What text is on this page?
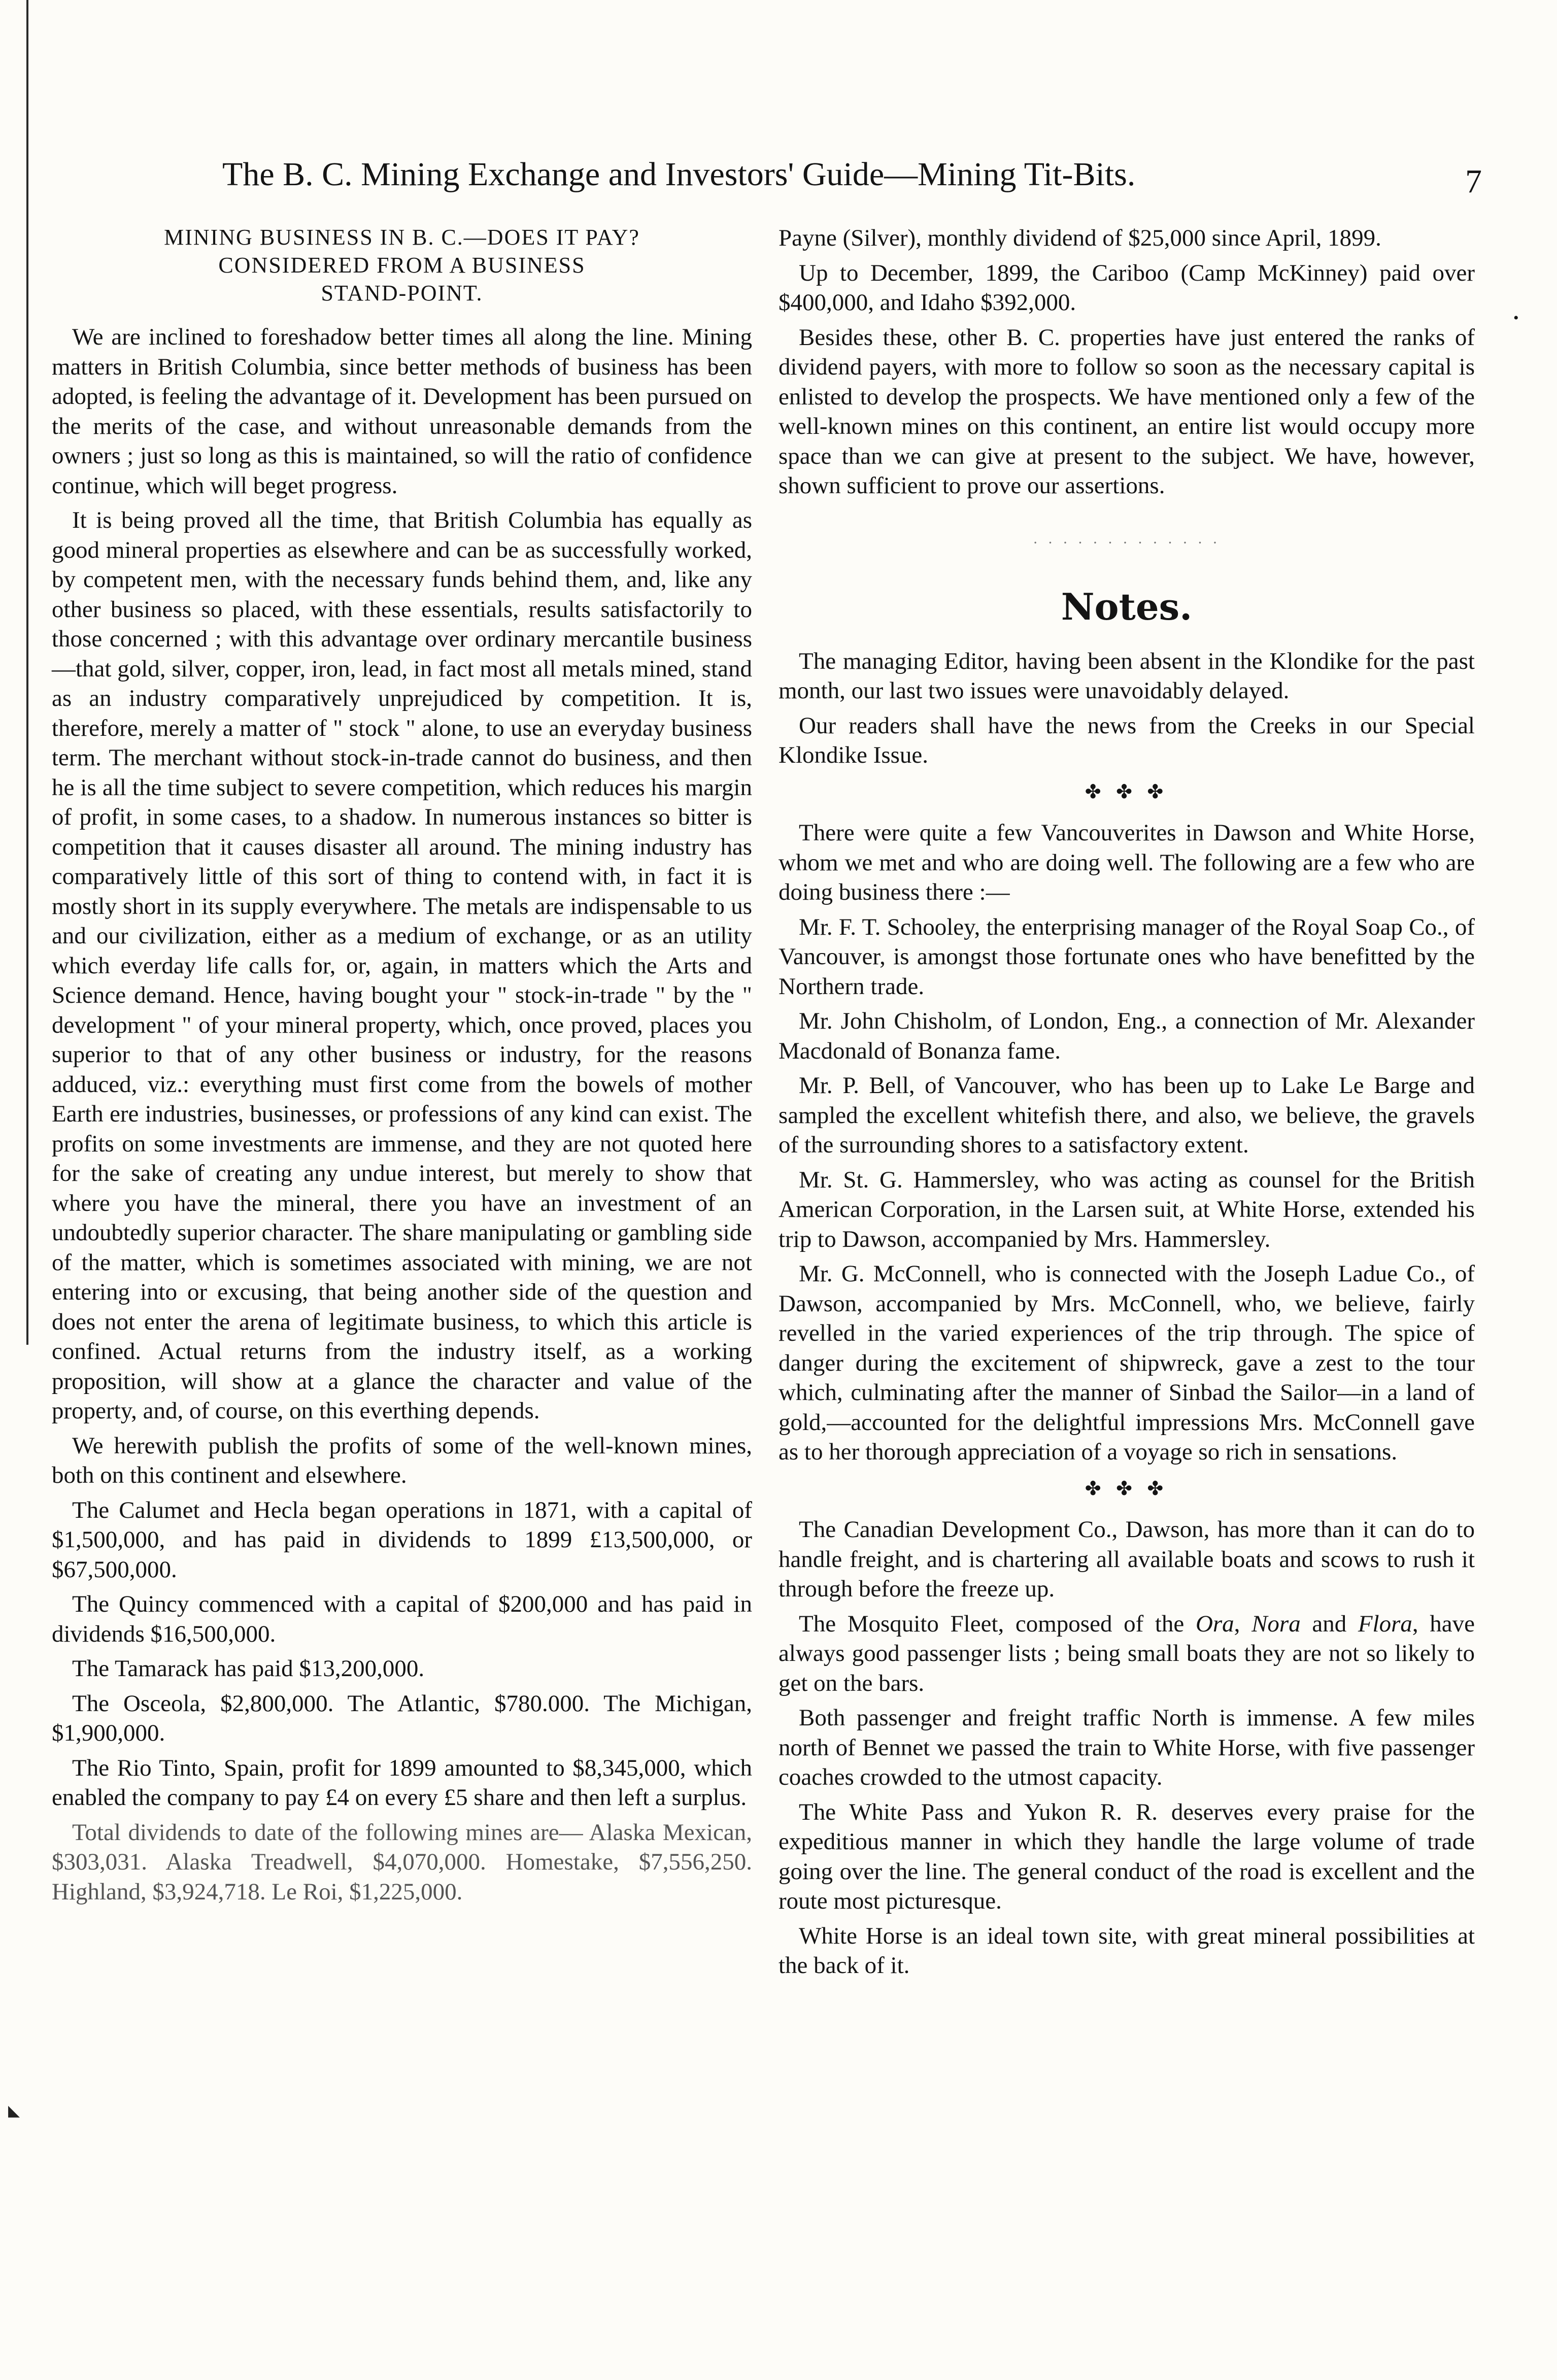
•
The B. C. Mining Exchange and Investors' Guide—Mining Tit-Bits.	7
MINING BUSINESS IN B. C.—DOES IT PAY?
CONSIDERED FROM A BUSINESS
STAND-POINT.

We are inclined to foreshadow better times all along the line. Mining matters in British Columbia, since better methods of business has been adopted, is feeling the advantage of it. Development has been pursued on the merits of the case, and without unreasonable demands from the owners ; just so long as this is maintained, so will the ratio of confidence continue, which will beget progress.

It is being proved all the time, that British Columbia has equally as good mineral properties as elsewhere and can be as successfully worked, by competent men, with the necessary funds behind them, and, like any other business so placed, with these essentials, results satisfactorily to those concerned ; with this advantage over ordinary mercantile business—that gold, silver, copper, iron, lead, in fact most all metals mined, stand as an industry comparatively unprejudiced by competition. It is, therefore, merely a matter of " stock " alone, to use an everyday business term. The merchant without stock-in-trade cannot do business, and then he is all the time subject to severe competition, which reduces his margin of profit, in some cases, to a shadow. In numerous instances so bitter is competition that it causes disaster all around. The mining industry has comparatively little of this sort of thing to contend with, in fact it is mostly short in its supply everywhere. The metals are indispensable to us and our civilization, either as a medium of exchange, or as an utility which everday life calls for, or, again, in matters which the Arts and Science demand. Hence, having bought your " stock-in-trade " by the " development " of your mineral property, which, once proved, places you superior to that of any other business or industry, for the reasons adduced, viz.: everything must first come from the bowels of mother Earth ere industries, businesses, or professions of any kind can exist. The profits on some investments are immense, and they are not quoted here for the sake of creating any undue interest, but merely to show that where you have the mineral, there you have an investment of an undoubtedly superior character. The share manipulating or gambling side of the matter, which is sometimes associated with mining, we are not entering into or excusing, that being another side of the question and does not enter the arena of legitimate business, to which this article is confined. Actual returns from the industry itself, as a working proposition, will show at a glance the character and value of the property, and, of course, on this everthing depends.

We herewith publish the profits of some of the well-known mines, both on this continent and elsewhere.

The Calumet and Hecla began operations in 1871, with a capital of $1,500,000, and has paid in dividends to 1899 £13,500,000, or $67,500,000.

The Quincy commenced with a capital of $200,000 and has paid in dividends $16,500,000.

The Tamarack has paid $13,200,000.

The Osceola, $2,800,000. The Atlantic, $780.000. The Michigan, $1,900,000.

The Rio Tinto, Spain, profit for 1899 amounted to $8,345,000, which enabled the company to pay £4 on every £5 share and then left a surplus.

Total dividends to date of the following mines are— Alaska Mexican, $303,031. Alaska Treadwell, $4,070,000. Homestake, $7,556,250. Highland, $3,924,718. Le Roi, $1,225,000.

Payne (Silver), monthly dividend of $25,000 since April, 1899.

Up to December, 1899, the Cariboo (Camp McKinney) paid over $400,000, and Idaho $392,000.

Besides these, other B. C. properties have just entered the ranks of dividend payers, with more to follow so soon as the necessary capital is enlisted to develop the prospects. We have mentioned only a few of the well-known mines on this continent, an entire list would occupy more space than we can give at present to the subject. We have, however, shown sufficient to prove our assertions.

· · · · · · · · · · · · ·
Notes.

The managing Editor, having been absent in the Klondike for the past month, our last two issues were unavoidably delayed.

Our readers shall have the news from the Creeks in our Special Klondike Issue.

✤ ✤ ✤

There were quite a few Vancouverites in Dawson and White Horse, whom we met and who are doing well. The following are a few who are doing business there :—

Mr. F. T. Schooley, the enterprising manager of the Royal Soap Co., of Vancouver, is amongst those fortunate ones who have benefitted by the Northern trade.

Mr. John Chisholm, of London, Eng., a connection of Mr. Alexander Macdonald of Bonanza fame.

Mr. P. Bell, of Vancouver, who has been up to Lake Le Barge and sampled the excellent whitefish there, and also, we believe, the gravels of the surrounding shores to a satisfactory extent.

Mr. St. G. Hammersley, who was acting as counsel for the British American Corporation, in the Larsen suit, at White Horse, extended his trip to Dawson, accompanied by Mrs. Hammersley.

Mr. G. McConnell, who is connected with the Joseph Ladue Co., of Dawson, accompanied by Mrs. McConnell, who, we believe, fairly revelled in the varied experiences of the trip through. The spice of danger during the excitement of shipwreck, gave a zest to the tour which, culminating after the manner of Sinbad the Sailor—in a land of gold,—accounted for the delightful impressions Mrs. McConnell gave as to her thorough appreciation of a voyage so rich in sensations.

✤ ✤ ✤

The Canadian Development Co., Dawson, has more than it can do to handle freight, and is chartering all available boats and scows to rush it through before the freeze up.

The Mosquito Fleet, composed of the Ora, Nora and Flora, have always good passenger lists ; being small boats they are not so likely to get on the bars.

Both passenger and freight traffic North is immense. A few miles north of Bennet we passed the train to White Horse, with five passenger coaches crowded to the utmost capacity.

The White Pass and Yukon R. R. deserves every praise for the expeditious manner in which they handle the large volume of trade going over the line. The general conduct of the road is excellent and the route most picturesque.

White Horse is an ideal town site, with great mineral possibilities at the back of it.

◣
